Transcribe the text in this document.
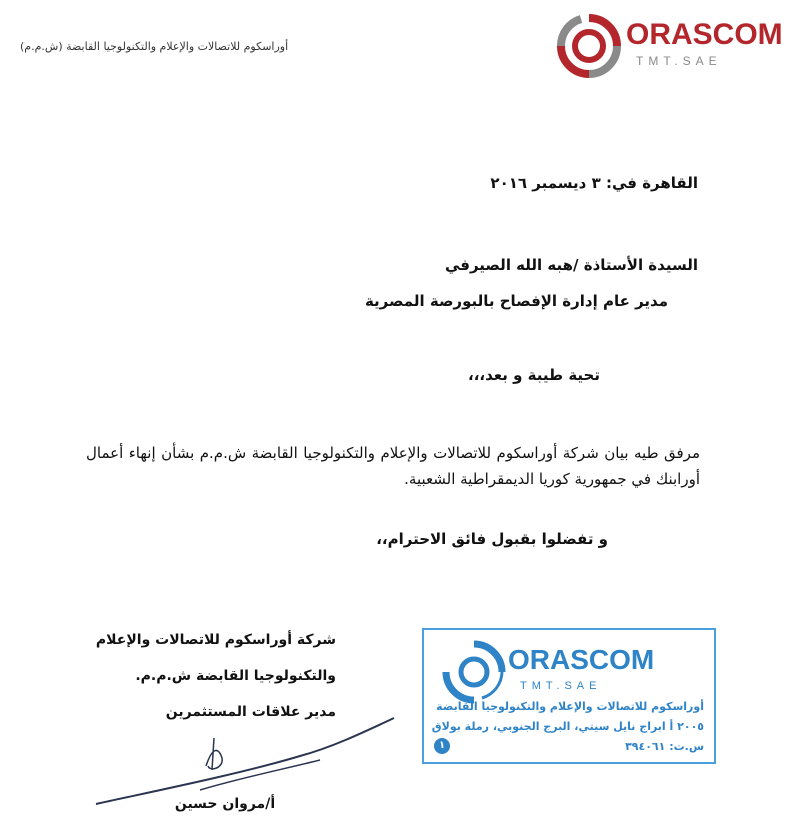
أوراسكوم للاتصالات والإعلام والتكنولوجيا القابضة (ش.م.م)	ORASCOM
TMT.SAE
القاهرة في: ٣ ديسمبر ٢٠١٦
السيدة الأستاذة /هبه الله الصيرفي
مدير عام إدارة الإفصاح بالبورصة المصرية
تحية طيبة و بعد،،،
مرفق طيه بيان شركة أوراسكوم للاتصالات والإعلام والتكنولوجيا القابضة ش.م.م بشأن إنهاء أعمال أورابنك في جمهورية كوريا الديمقراطية الشعبية.
و تفضلوا بقبول فائق الاحترام،،
شركة أوراسكوم للاتصالات والإعلام
والتكنولوجيا القابضة ش.م.م.
مدير علاقات المستثمرين
أ/مروان حسين
ORASCOM
TMT.SAE
أوراسكوم للاتصالات والإعلام والتكنولوجيا القابضة
٢٠٠٥ أ ابراج نايل سيتي، البرج الجنوبي، رملة بولاق
س.ت: ٣٩٤٠٦١
١
